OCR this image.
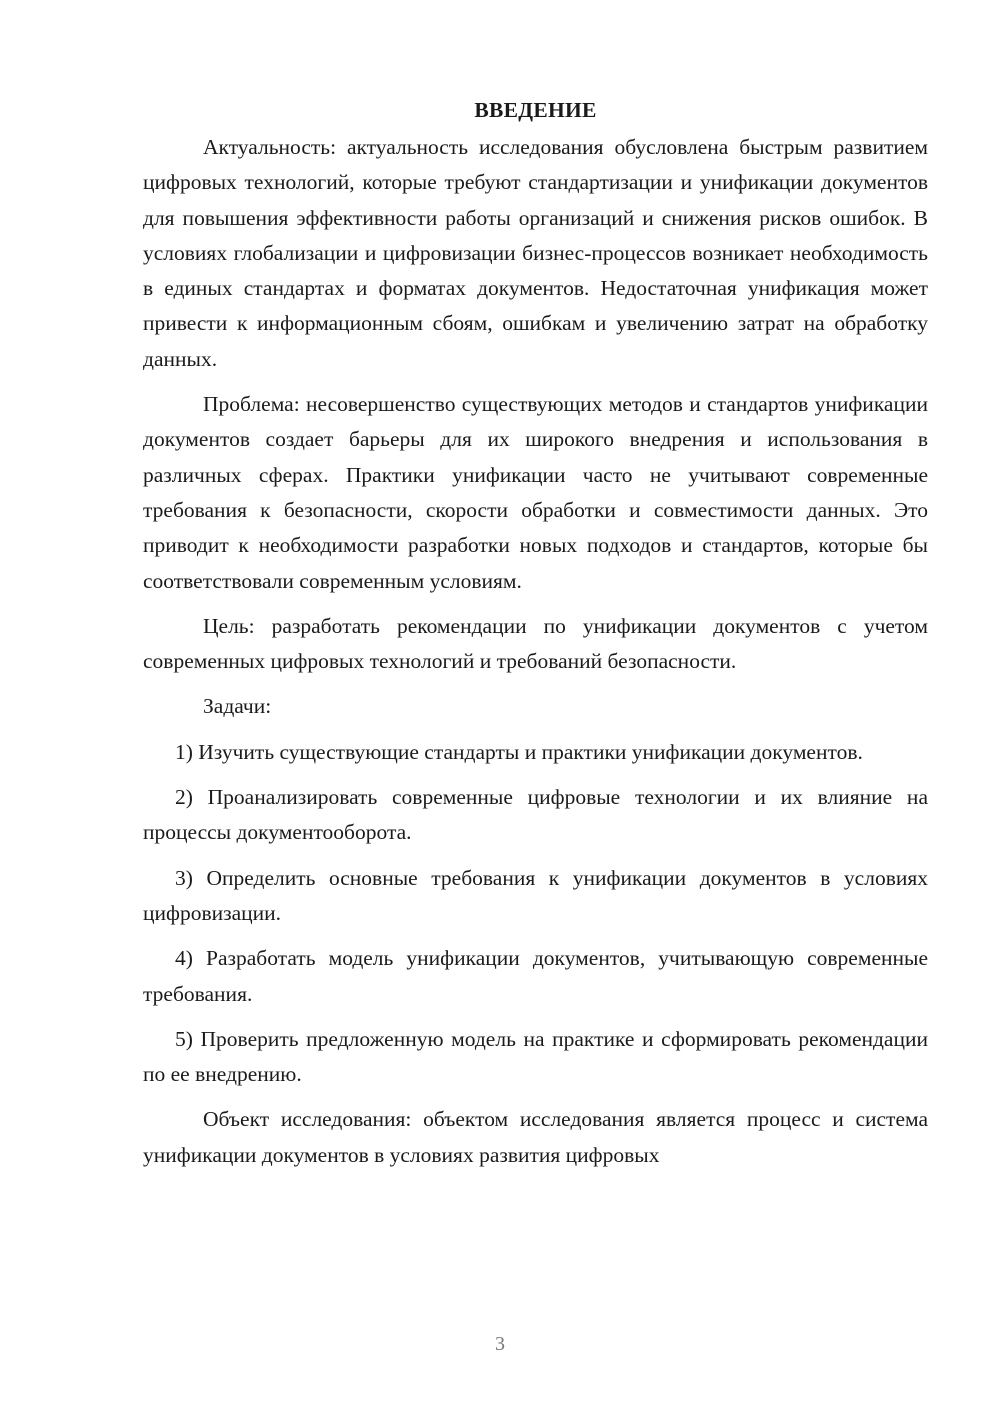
ВВЕДЕНИЕ

Актуальность: актуальность исследования обусловлена быстрым развитием цифровых технологий, которые требуют стандартизации и унификации документов для повышения эффективности работы организаций и снижения рисков ошибок. В условиях глобализации и цифровизации бизнес-процессов возникает необходимость в единых стандартах и форматах документов. Недостаточная унификация может привести к информационным сбоям, ошибкам и увеличению затрат на обработку данных.

Проблема: несовершенство существующих методов и стандартов унификации документов создает барьеры для их широкого внедрения и использования в различных сферах. Практики унификации часто не учитывают современные требования к безопасности, скорости обработки и совместимости данных. Это приводит к необходимости разработки новых подходов и стандартов, которые бы соответствовали современным условиям.

Цель: разработать рекомендации по унификации документов с учетом современных цифровых технологий и требований безопасности.

Задачи:

1) Изучить существующие стандарты и практики унификации документов.

2) Проанализировать современные цифровые технологии и их влияние на процессы документооборота.

3) Определить основные требования к унификации документов в условиях цифровизации.

4) Разработать модель унификации документов, учитывающую современные требования.

5) Проверить предложенную модель на практике и сформировать рекомендации по ее внедрению.

Объект исследования: объектом исследования является процесс и система унификации документов в условиях развития цифровых

3
